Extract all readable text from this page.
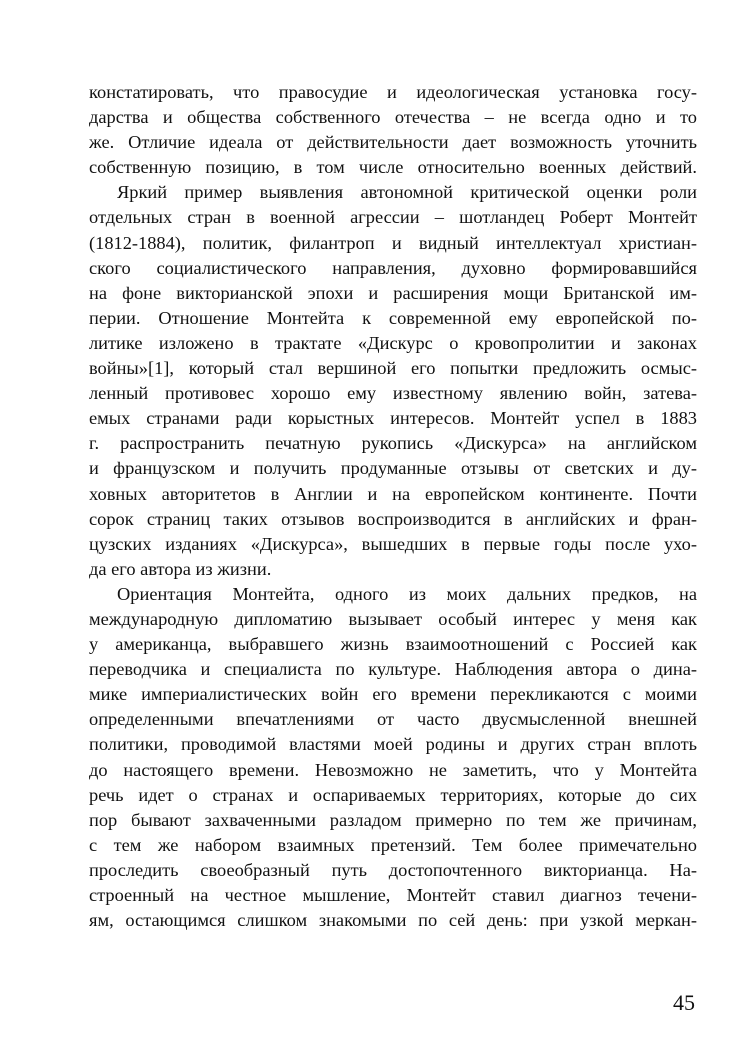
констатировать, что правосудие и идеологическая установка госу-
дарства и общества собственного отечества – не всегда одно и то
же. Отличие идеала от действительности дает возможность уточнить
собственную позицию, в том числе относительно военных действий.
Яркий пример выявления автономной критической оценки роли
отдельных стран в военной агрессии – шотландец Роберт Монтейт
(1812-1884), политик, филантроп и видный интеллектуал христиан-
ского социалистического направления, духовно формировавшийся
на фоне викторианской эпохи и расширения мощи Британской им-
перии. Отношение Монтейта к современной ему европейской по-
литике изложено в трактате «Дискурс о кровопролитии и законах
войны»[1], который стал вершиной его попытки предложить осмыс-
ленный противовес хорошо ему известному явлению войн, затева-
емых странами ради корыстных интересов. Монтейт успел в 1883
г. распространить печатную рукопись «Дискурса» на английском
и французском и получить продуманные отзывы от светских и ду-
ховных авторитетов в Англии и на европейском континенте. Почти
сорок страниц таких отзывов воспроизводится в английских и фран-
цузских изданиях «Дискурса», вышедших в первые годы после ухо-
да его автора из жизни.
Ориентация Монтейта, одного из моих дальних предков, на
международную дипломатию вызывает особый интерес у меня как
у американца, выбравшего жизнь взаимоотношений с Россией как
переводчика и специалиста по культуре. Наблюдения автора о дина-
мике империалистических войн его времени перекликаются с моими
определенными впечатлениями от часто двусмысленной внешней
политики, проводимой властями моей родины и других стран вплоть
до настоящего времени. Невозможно не заметить, что у Монтейта
речь идет о странах и оспариваемых территориях, которые до сих
пор бывают захваченными разладом примерно по тем же причинам,
с тем же набором взаимных претензий. Тем более примечательно
проследить своеобразный путь достопочтенного викторианца. На-
строенный на честное мышление, Монтейт ставил диагноз течени-
ям, остающимся слишком знакомыми по сей день: при узкой меркан-
45
